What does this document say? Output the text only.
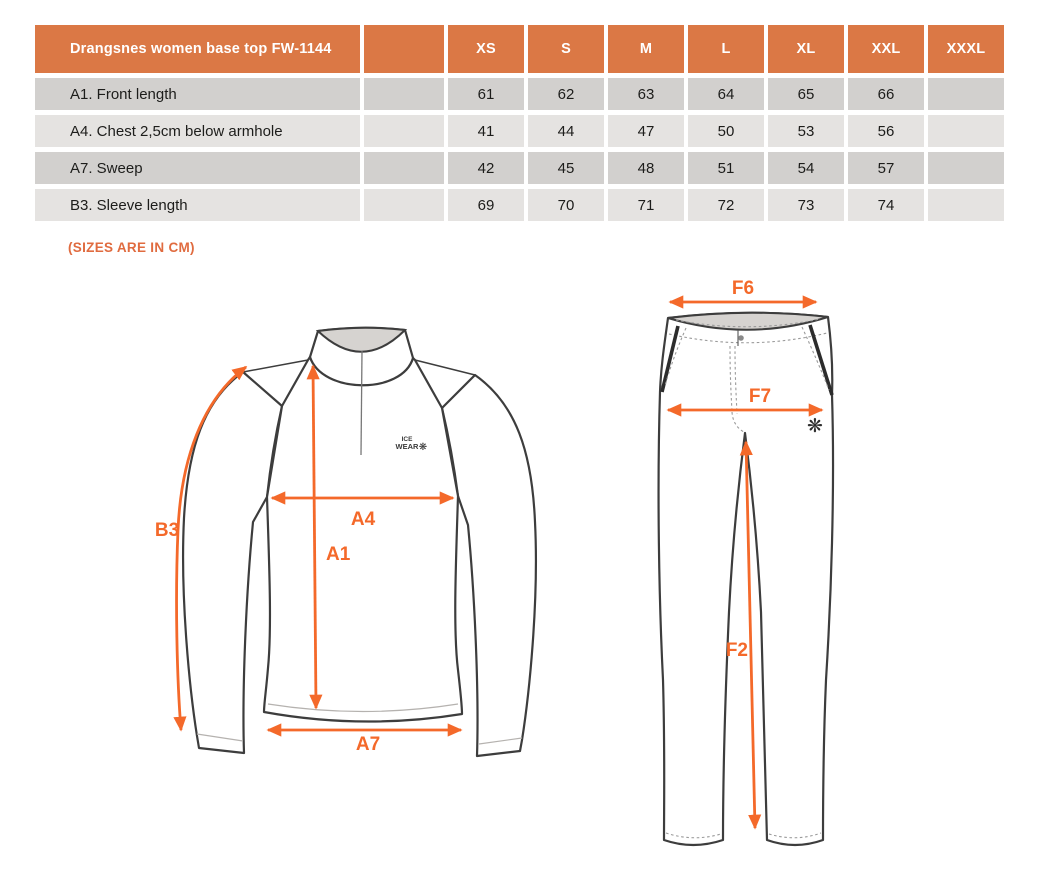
Drangsnes women base top FW-1144		XS	S	M	L	XL	XXL	XXXL
A1. Front length		61	62	63	64	65	66	
A4. Chest 2,5cm below armhole		41	44	47	50	53	56	
A7. Sweep		42	45	48	51	54	57	
B3. Sleeve length		69	70	71	72	73	74	
(SIZES ARE IN CM)
ICE
WEAR ❋
B3
A4
A1
A7
❋
F6
F7
F2
